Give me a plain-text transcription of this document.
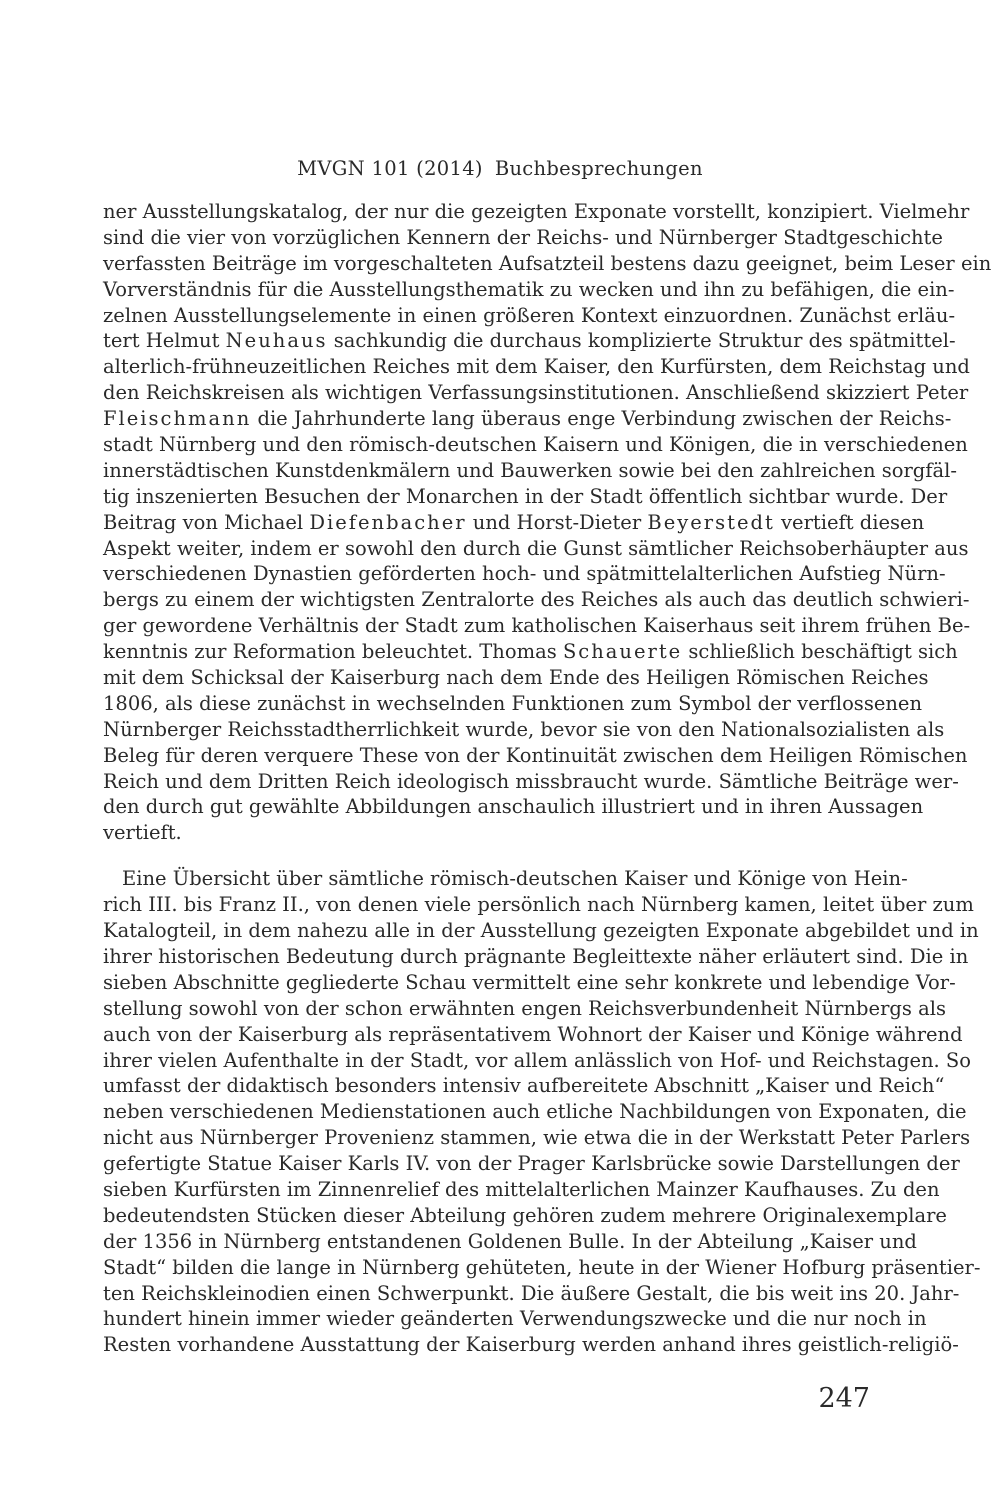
MVGN 101 (2014) Buchbesprechungen
ner Ausstellungskatalog, der nur die gezeigten Exponate vorstellt, konzipiert. Vielmehr
sind die vier von vorzüglichen Kennern der Reichs- und Nürnberger Stadtgeschichte
verfassten Beiträge im vorgeschalteten Aufsatzteil bestens dazu geeignet, beim Leser ein
Vorverständnis für die Ausstellungsthematik zu wecken und ihn zu befähigen, die ein-
zelnen Ausstellungselemente in einen größeren Kontext einzuordnen. Zunächst erläu-
tert Helmut Neuhaus sachkundig die durchaus komplizierte Struktur des spätmittel-
alterlich-frühneuzeitlichen Reiches mit dem Kaiser, den Kurfürsten, dem Reichstag und
den Reichskreisen als wichtigen Verfassungsinstitutionen. Anschließend skizziert Peter
Fleischmann die Jahrhunderte lang überaus enge Verbindung zwischen der Reichs-
stadt Nürnberg und den römisch-deutschen Kaisern und Königen, die in verschiedenen
innerstädtischen Kunstdenkmälern und Bauwerken sowie bei den zahlreichen sorgfäl-
tig inszenierten Besuchen der Monarchen in der Stadt öffentlich sichtbar wurde. Der
Beitrag von Michael Diefenbacher und Horst-Dieter Beyerstedt vertieft diesen
Aspekt weiter, indem er sowohl den durch die Gunst sämtlicher Reichsoberhäupter aus
verschiedenen Dynastien geförderten hoch- und spätmittelalterlichen Aufstieg Nürn-
bergs zu einem der wichtigsten Zentralorte des Reiches als auch das deutlich schwieri-
ger gewordene Verhältnis der Stadt zum katholischen Kaiserhaus seit ihrem frühen Be-
kenntnis zur Reformation beleuchtet. Thomas Schauerte schließlich beschäftigt sich
mit dem Schicksal der Kaiserburg nach dem Ende des Heiligen Römischen Reiches
1806, als diese zunächst in wechselnden Funktionen zum Symbol der verflossenen
Nürnberger Reichsstadtherrlichkeit wurde, bevor sie von den Nationalsozialisten als
Beleg für deren verquere These von der Kontinuität zwischen dem Heiligen Römischen
Reich und dem Dritten Reich ideologisch missbraucht wurde. Sämtliche Beiträge wer-
den durch gut gewählte Abbildungen anschaulich illustriert und in ihren Aussagen
vertieft.
Eine Übersicht über sämtliche römisch-deutschen Kaiser und Könige von Hein-
rich III. bis Franz II., von denen viele persönlich nach Nürnberg kamen, leitet über zum
Katalogteil, in dem nahezu alle in der Ausstellung gezeigten Exponate abgebildet und in
ihrer historischen Bedeutung durch prägnante Begleittexte näher erläutert sind. Die in
sieben Abschnitte gegliederte Schau vermittelt eine sehr konkrete und lebendige Vor-
stellung sowohl von der schon erwähnten engen Reichsverbundenheit Nürnbergs als
auch von der Kaiserburg als repräsentativem Wohnort der Kaiser und Könige während
ihrer vielen Aufenthalte in der Stadt, vor allem anlässlich von Hof- und Reichstagen. So
umfasst der didaktisch besonders intensiv aufbereitete Abschnitt „Kaiser und Reich“
neben verschiedenen Medienstationen auch etliche Nachbildungen von Exponaten, die
nicht aus Nürnberger Provenienz stammen, wie etwa die in der Werkstatt Peter Parlers
gefertigte Statue Kaiser Karls IV. von der Prager Karlsbrücke sowie Darstellungen der
sieben Kurfürsten im Zinnenrelief des mittelalterlichen Mainzer Kaufhauses. Zu den
bedeutendsten Stücken dieser Abteilung gehören zudem mehrere Originalexemplare
der 1356 in Nürnberg entstandenen Goldenen Bulle. In der Abteilung „Kaiser und
Stadt“ bilden die lange in Nürnberg gehüteten, heute in der Wiener Hofburg präsentier-
ten Reichskleinodien einen Schwerpunkt. Die äußere Gestalt, die bis weit ins 20. Jahr-
hundert hinein immer wieder geänderten Verwendungszwecke und die nur noch in
Resten vorhandene Ausstattung der Kaiserburg werden anhand ihres geistlich-religiö-
247
